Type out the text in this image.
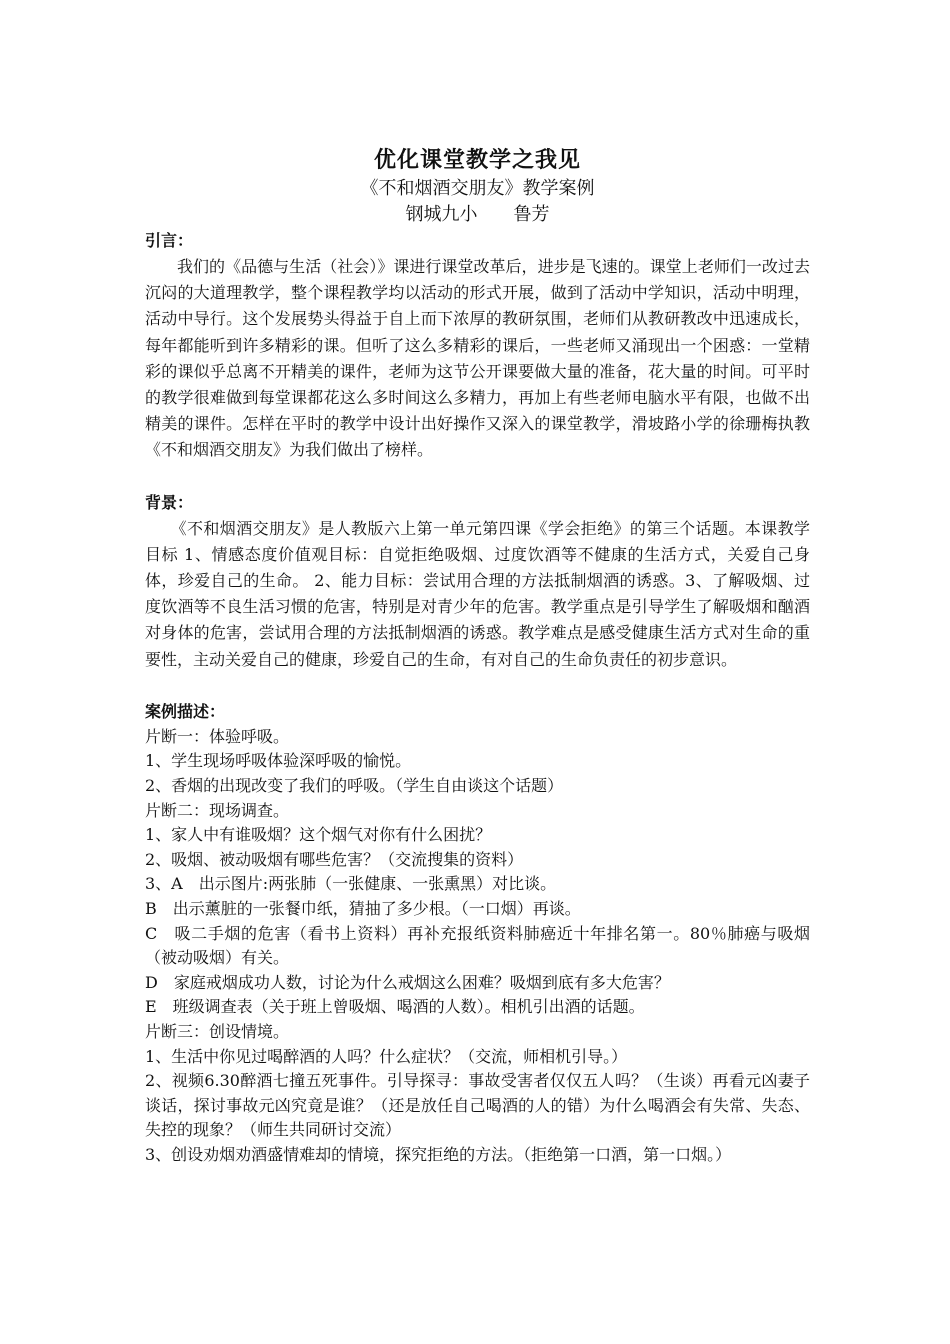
优化课堂教学之我见

《不和烟酒交朋友》教学案例

钢城九小 鲁芳

引言：

我们的《品德与生活（社会）》课进行课堂改革后，进步是飞速的。课堂上老师们一改过去沉闷的大道理教学，整个课程教学均以活动的形式开展，做到了活动中学知识，活动中明理，活动中导行。这个发展势头得益于自上而下浓厚的教研氛围，老师们从教研教改中迅速成长，每年都能听到许多精彩的课。但听了这么多精彩的课后，一些老师又涌现出一个困惑：一堂精彩的课似乎总离不开精美的课件，老师为这节公开课要做大量的准备，花大量的时间。可平时的教学很难做到每堂课都花这么多时间这么多精力，再加上有些老师电脑水平有限，也做不出精美的课件。怎样在平时的教学中设计出好操作又深入的课堂教学，滑坡路小学的徐珊梅执教《不和烟酒交朋友》为我们做出了榜样。

背景：

《不和烟酒交朋友》是人教版六上第一单元第四课《学会拒绝》的第三个话题。本课教学目标 1、情感态度价值观目标：自觉拒绝吸烟、过度饮酒等不健康的生活方式，关爱自己身体，珍爱自己的生命。 2、能力目标：尝试用合理的方法抵制烟酒的诱惑。3、了解吸烟、过度饮酒等不良生活习惯的危害，特别是对青少年的危害。教学重点是引导学生了解吸烟和酗酒对身体的危害，尝试用合理的方法抵制烟酒的诱惑。教学难点是感受健康生活方式对生命的重要性，主动关爱自己的健康，珍爱自己的生命，有对自己的生命负责任的初步意识。

案例描述：

片断一：体验呼吸。

1、学生现场呼吸体验深呼吸的愉悦。

2、香烟的出现改变了我们的呼吸。（学生自由谈这个话题）

片断二：现场调查。

1、家人中有谁吸烟？这个烟气对你有什么困扰？

2、吸烟、被动吸烟有哪些危害？（交流搜集的资料）

3、A　出示图片:两张肺（一张健康、一张熏黑）对比谈。

B　出示薰脏的一张餐巾纸，猜抽了多少根。（一口烟）再谈。

C　吸二手烟的危害（看书上资料）再补充报纸资料肺癌近十年排名第一。80％肺癌与吸烟（被动吸烟）有关。

D　家庭戒烟成功人数，讨论为什么戒烟这么困难？吸烟到底有多大危害？

E　班级调查表（关于班上曾吸烟、喝酒的人数）。相机引出酒的话题。

片断三：创设情境。

1、生活中你见过喝醉酒的人吗？什么症状？（交流，师相机引导。）

2、视频6.30醉酒七撞五死事件。引导探寻：事故受害者仅仅五人吗？（生谈）再看元凶妻子谈话，探讨事故元凶究竟是谁？（还是放任自己喝酒的人的错）为什么喝酒会有失常、失态、失控的现象？（师生共同研讨交流）

3、创设劝烟劝酒盛情难却的情境，探究拒绝的方法。（拒绝第一口酒，第一口烟。）
